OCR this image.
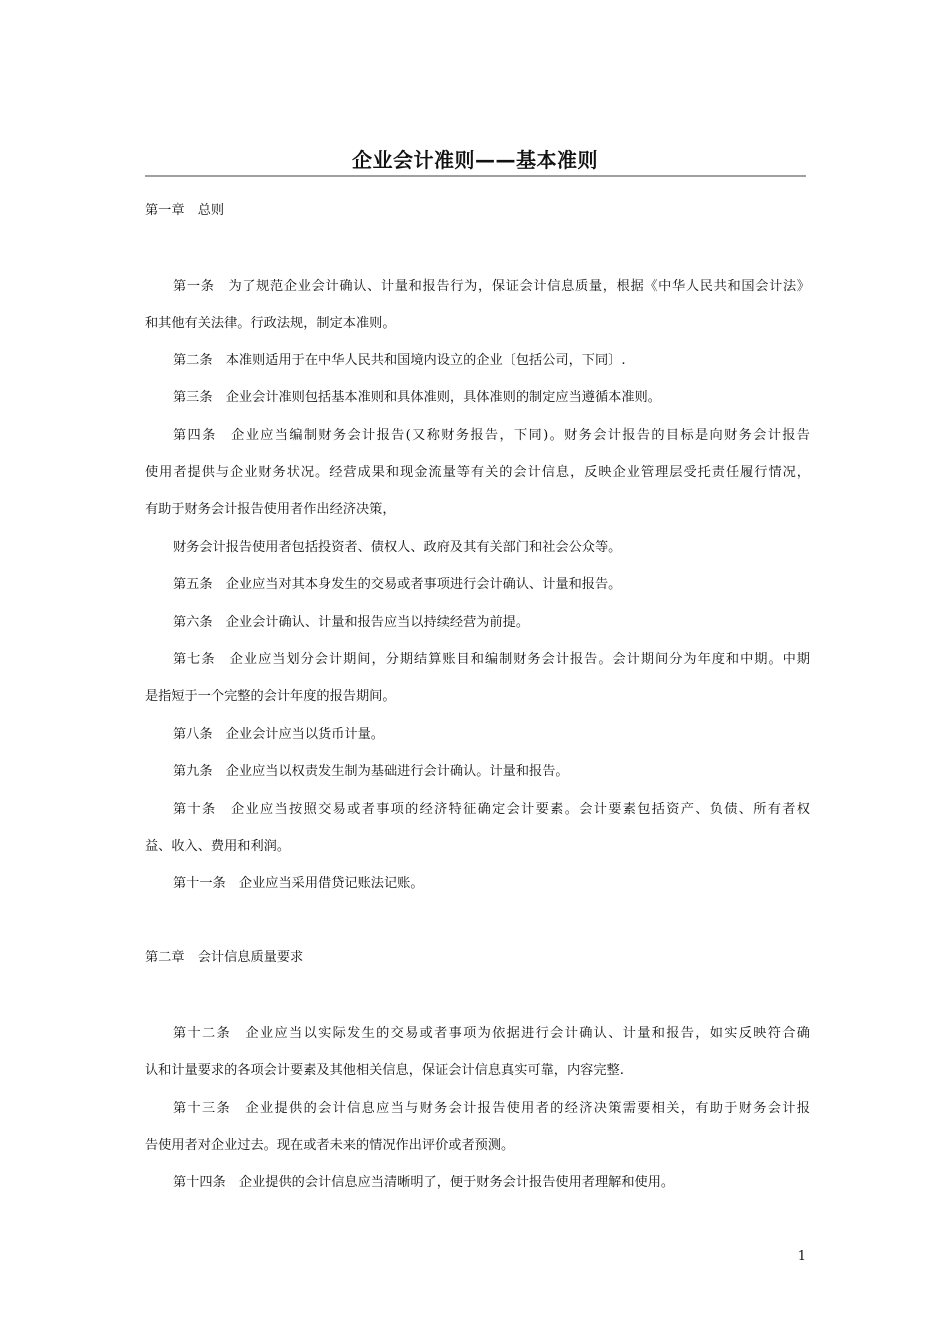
企业会计准则——基本准则
第一章　总则
第一条　为了规范企业会计确认、计量和报告行为，保证会计信息质量，根据《中华人民共和国会计法》
和其他有关法律。行政法规，制定本准则。
第二条　本准则适用于在中华人民共和国境内设立的企业〔包括公司，下同〕.
第三条　企业会计准则包括基本准则和具体准则，具体准则的制定应当遵循本准则。
第四条　企业应当编制财务会计报告(又称财务报告，下同)。财务会计报告的目标是向财务会计报告
使用者提供与企业财务状况。经营成果和现金流量等有关的会计信息，反映企业管理层受托责任履行情况，
有助于财务会计报告使用者作出经济决策，
财务会计报告使用者包括投资者、债权人、政府及其有关部门和社会公众等。
第五条　企业应当对其本身发生的交易或者事项进行会计确认、计量和报告。
第六条　企业会计确认、计量和报告应当以持续经营为前提。
第七条　企业应当划分会计期间，分期结算账目和编制财务会计报告。会计期间分为年度和中期。中期
是指短于一个完整的会计年度的报告期间。
第八条　企业会计应当以货币计量。
第九条　企业应当以权责发生制为基础进行会计确认。计量和报告。
第十条　企业应当按照交易或者事项的经济特征确定会计要素。会计要素包括资产、负债、所有者权
益、收入、费用和利润。
第十一条　企业应当采用借贷记账法记账。
第二章　会计信息质量要求
第十二条　企业应当以实际发生的交易或者事项为依据进行会计确认、计量和报告，如实反映符合确
认和计量要求的各项会计要素及其他相关信息，保证会计信息真实可靠，内容完整.
第十三条　企业提供的会计信息应当与财务会计报告使用者的经济决策需要相关，有助于财务会计报
告使用者对企业过去。现在或者未来的情况作出评价或者预测。
第十四条　企业提供的会计信息应当清晰明了，便于财务会计报告使用者理解和使用。
1
